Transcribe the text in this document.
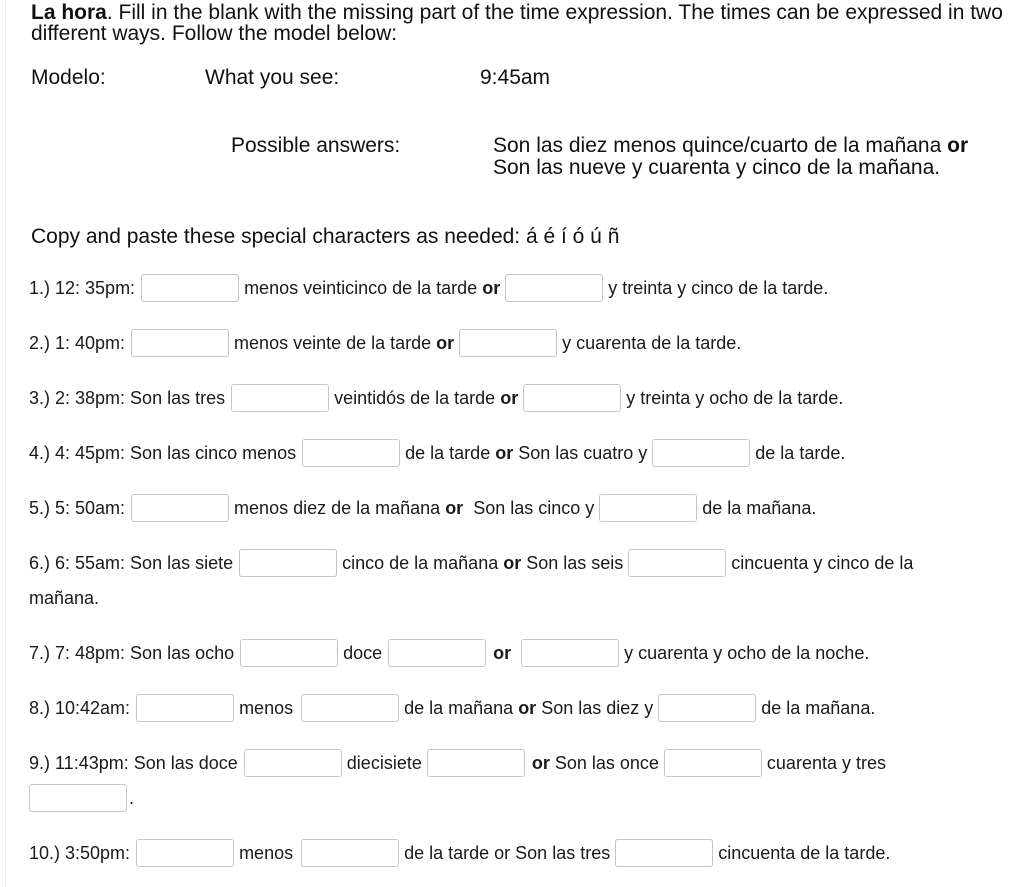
La hora. Fill in the blank with the missing part of the time expression. The times can be expressed in two different ways. Follow the model below:
Modelo:	What you see:	9:45am
Possible answers:	Son las diez menos quince/cuarto de la mañana or
Son las nueve y cuarenta y cinco de la mañana.
Copy and paste these special characters as needed: á é í ó ú ñ
1.) 12: 35pm:	menos veinticinco de la tarde or	y treinta y cinco de la tarde.
2.) 1: 40pm:	menos veinte de la tarde or	y cuarenta de la tarde.
3.) 2: 38pm: Son las tres	veintidós de la tarde or	y treinta y ocho de la tarde.
4.) 4: 45pm: Son las cinco menos	de la tarde or Son las cuatro y	de la tarde.
5.) 5: 50am:	menos diez de la mañana or Son las cinco y	de la mañana.
6.) 6: 55am: Son las siete	cinco de la mañana or Son las seis	cincuenta y cinco de la
mañana.
7.) 7: 48pm: Son las ocho	doce	or	y cuarenta y ocho de la noche.
8.) 10:42am:	menos	de la mañana or Son las diez y	de la mañana.
9.) 11:43pm: Son las doce	diecisiete	or Son las once	cuarenta y tres
.
10.) 3:50pm:	menos	de la tarde or Son las tres	cincuenta de la tarde.
